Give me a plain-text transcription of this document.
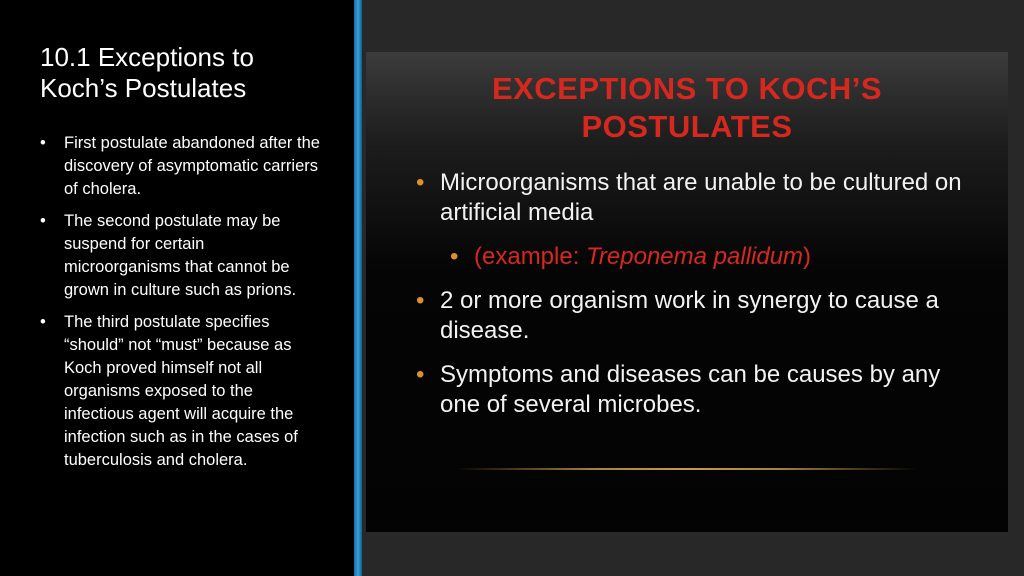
10.1 Exceptions to
Koch’s Postulates
• First postulate abandoned after the discovery of asymptomatic carriers of cholera.
• The second postulate may be suspend for certain microorganisms that cannot be grown in culture such as prions.
• The third postulate specifies “should” not “must” because as Koch proved himself not all organisms exposed to the infectious agent will acquire the infection such as in the cases of tuberculosis and cholera.
EXCEPTIONS TO KOCH’S
POSTULATES
• Microorganisms that are unable to be cultured on artificial media
• (example: Treponema pallidum)
• 2 or more organism work in synergy to cause a disease.
• Symptoms and diseases can be causes by any one of several microbes.
